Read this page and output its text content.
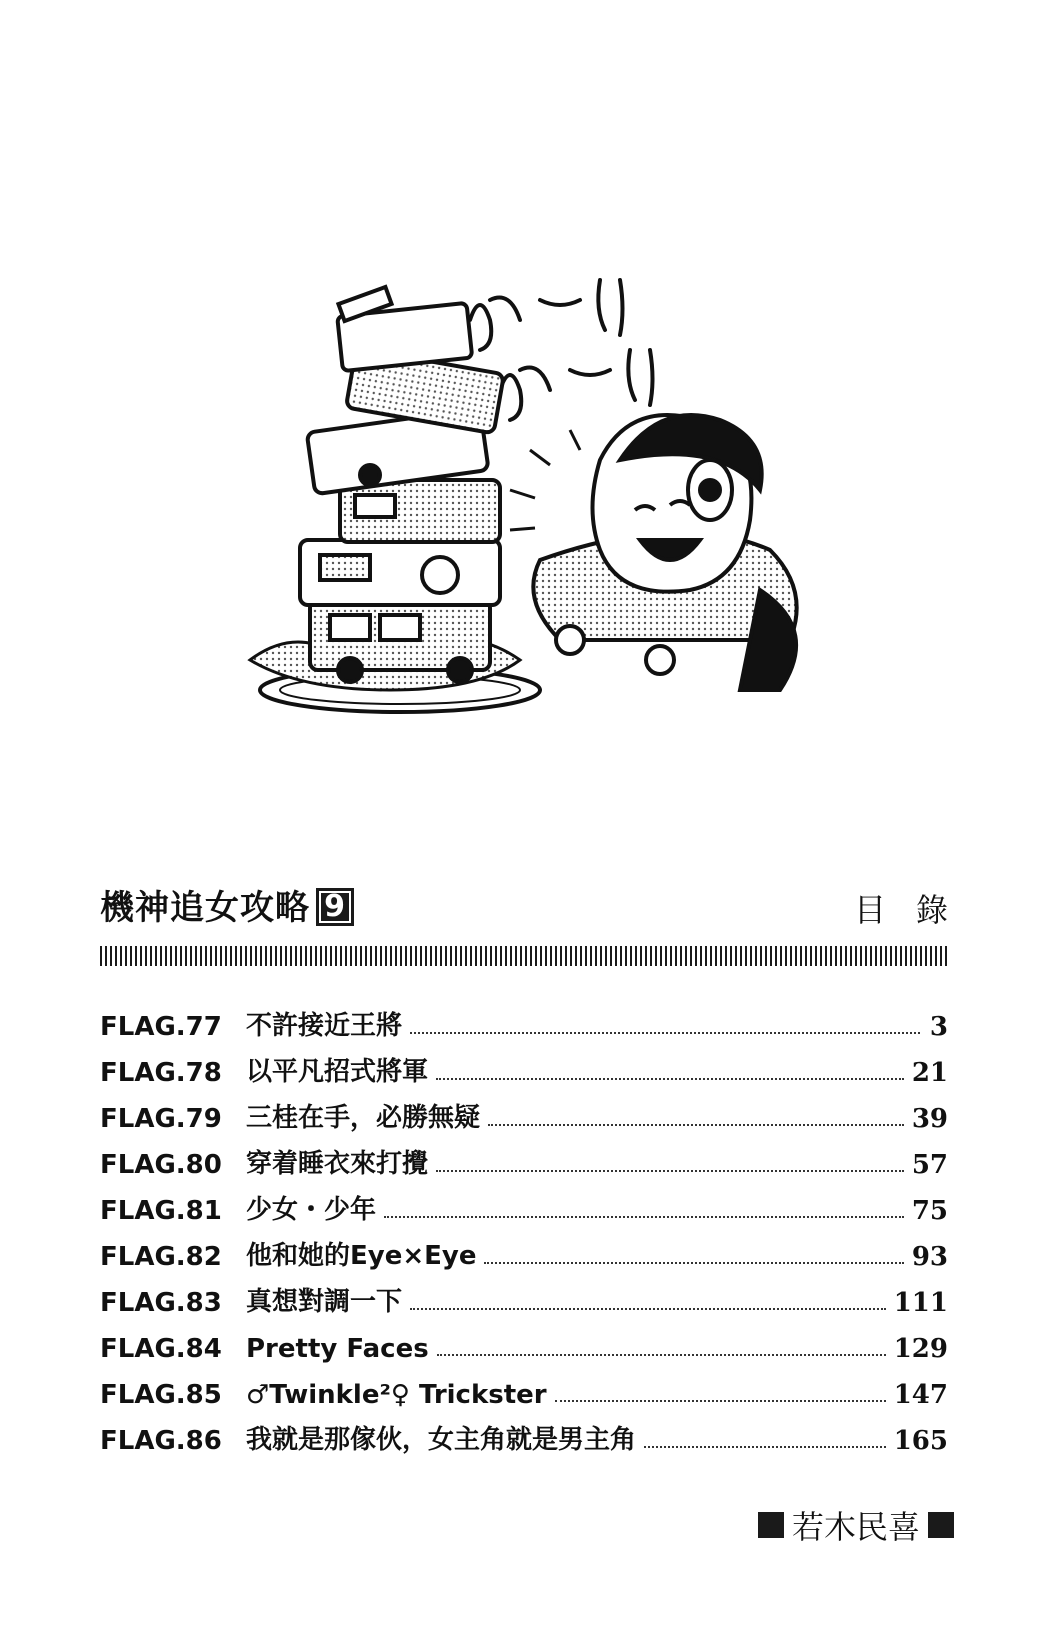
機神追女攻略 9	目錄
FLAG.77 不許接近王將	3
FLAG.78 以平凡招式將軍	21
FLAG.79 三桂在手，必勝無疑	39
FLAG.80 穿着睡衣來打攪	57
FLAG.81 少女・少年	75
FLAG.82 他和她的Eye×Eye	93
FLAG.83 真想對調一下	111
FLAG.84 Pretty Faces	129
FLAG.85 ♂Twinkle²♀ Trickster	147
FLAG.86 我就是那傢伙，女主角就是男主角	165
若木民喜
